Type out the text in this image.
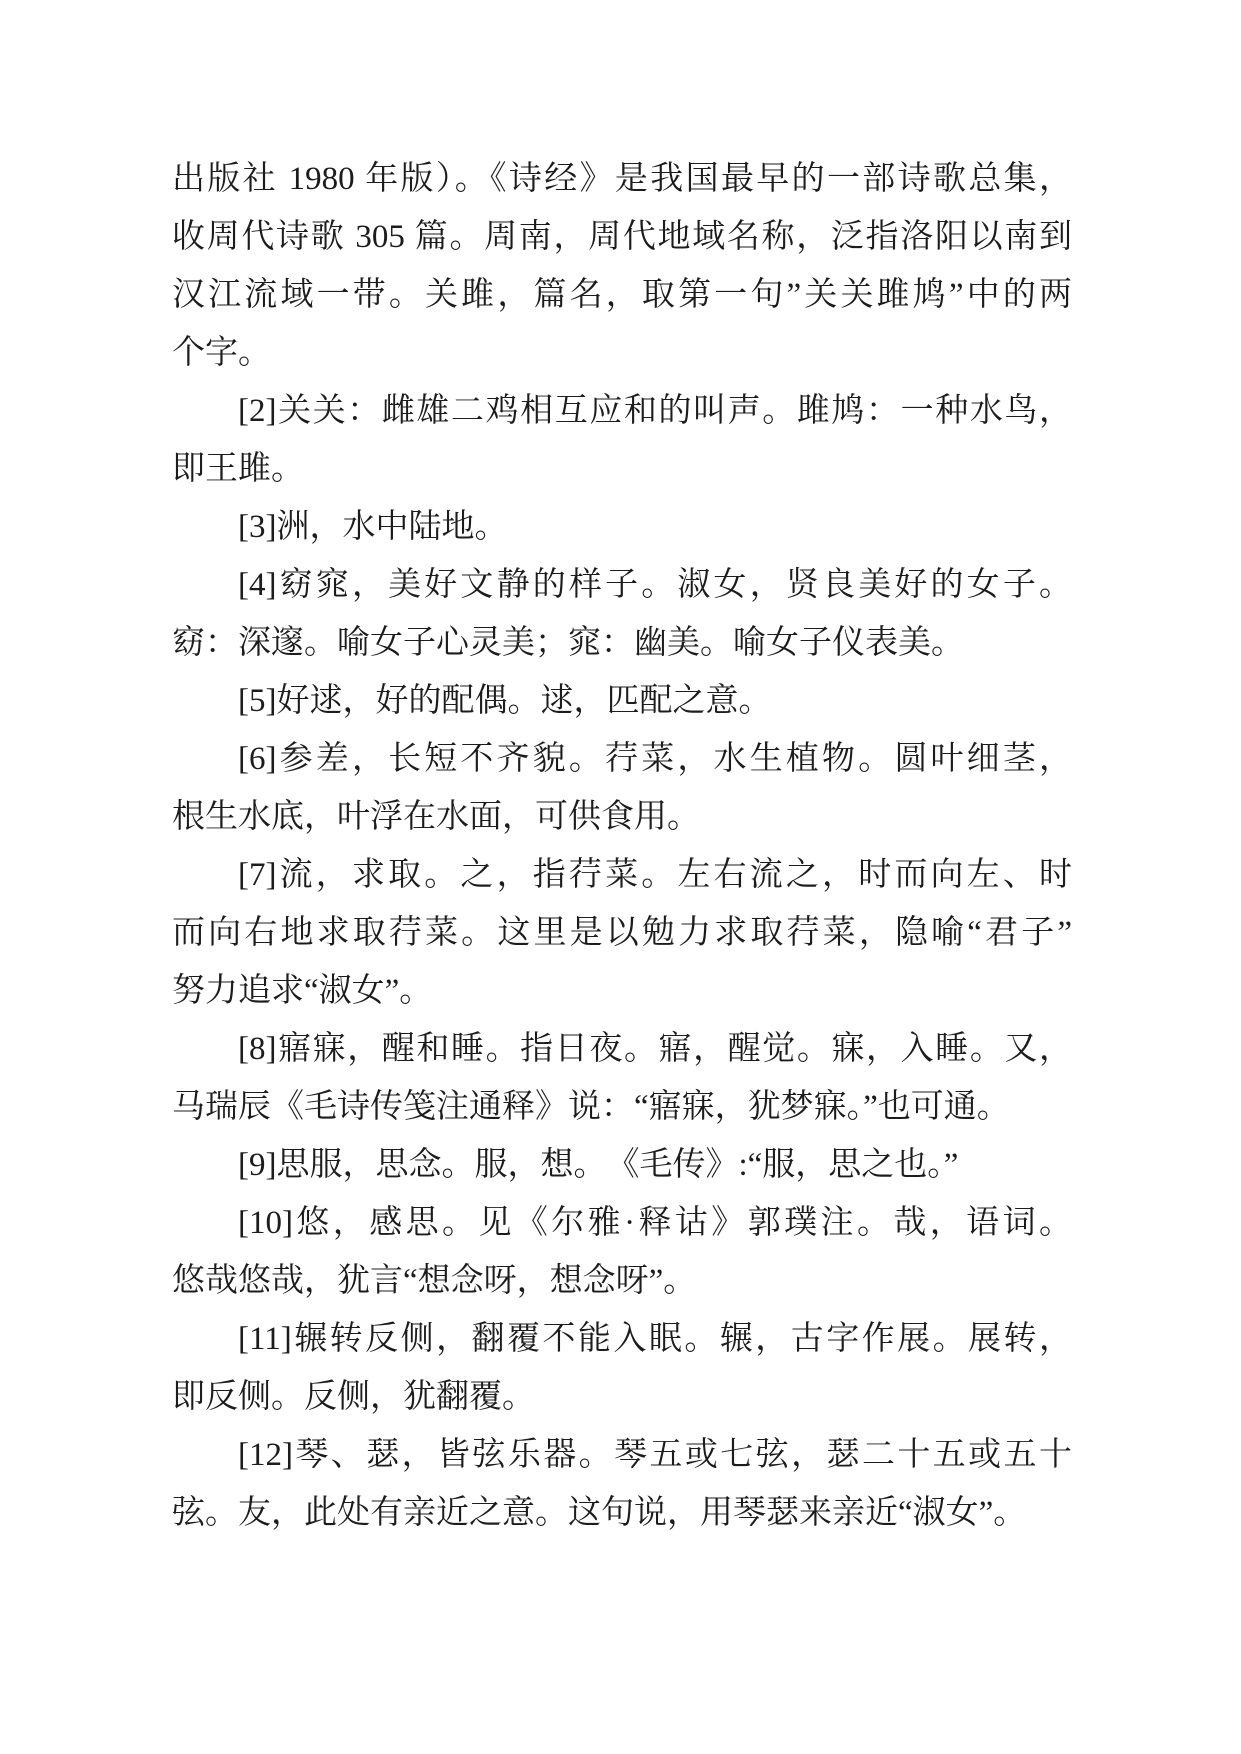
出版社 1980 年版）。《诗经》是我国最早的一部诗歌总集，
收周代诗歌 305 篇。周南，周代地域名称，泛指洛阳以南到
汉江流域一带。关雎，篇名，取第一句”关关雎鸠”中的两
个字。

[2]关关：雌雄二鸡相互应和的叫声。雎鸠：一种水鸟，
即王雎。

[3]洲，水中陆地。

[4]窈窕，美好文静的样子。淑女，贤良美好的女子。
窈：深邃。喻女子心灵美；窕：幽美。喻女子仪表美。

[5]好逑，好的配偶。逑，匹配之意。

[6]参差，长短不齐貌。荇菜，水生植物。圆叶细茎，
根生水底，叶浮在水面，可供食用。

[7]流，求取。之，指荇菜。左右流之，时而向左、时
而向右地求取荇菜。这里是以勉力求取荇菜，隐喻“君子”
努力追求“淑女”。

[8]寤寐，醒和睡。指日夜。寤，醒觉。寐，入睡。又，
马瑞辰《毛诗传笺注通释》说：“寤寐，犹梦寐。”也可通。

[9]思服，思念。服，想。　《毛传》:“服，思之也。”

[10]悠，感思。见《尔雅·释诂》郭璞注。哉，语词。
悠哉悠哉，犹言“想念呀，想念呀”。

[11]辗转反侧，翻覆不能入眠。辗，古字作展。展转，
即反侧。反侧，犹翻覆。

[12]琴、瑟，皆弦乐器。琴五或七弦，瑟二十五或五十
弦。友，此处有亲近之意。这句说，用琴瑟来亲近“淑女”。
